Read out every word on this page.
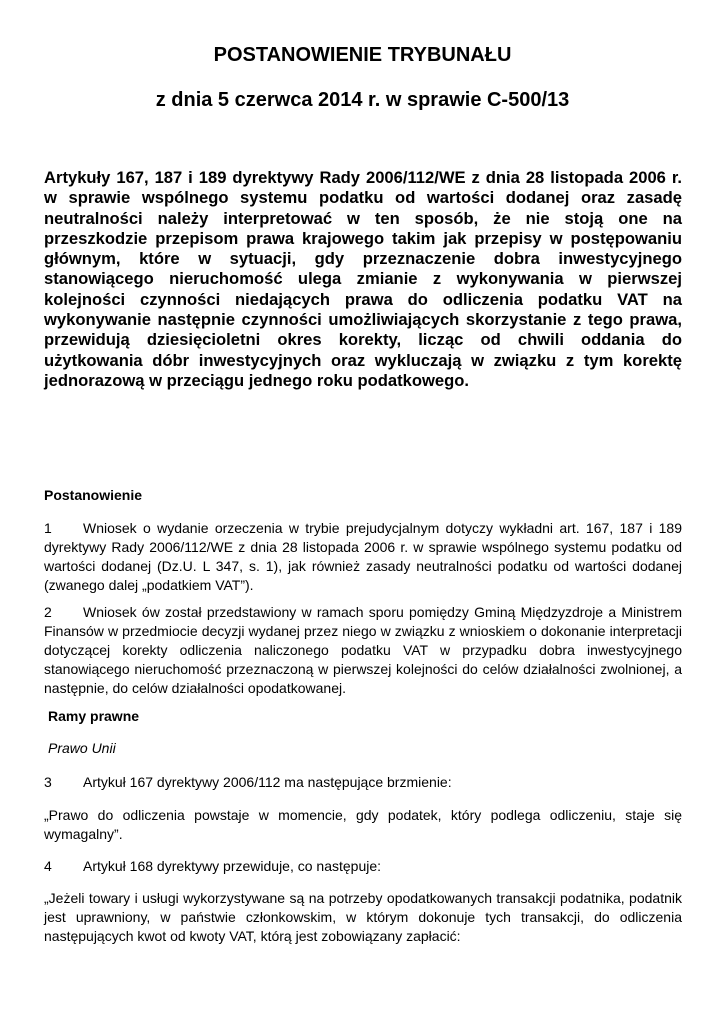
POSTANOWIENIE TRYBUNAŁU
z dnia 5 czerwca 2014 r. w sprawie C-500/13

Artykuły 167, 187 i 189 dyrektywy Rady 2006/112/WE z dnia 28 listopada 2006 r. w sprawie wspólnego systemu podatku od wartości dodanej oraz zasadę neutralności należy interpretować w ten sposób, że nie stoją one na przeszkodzie przepisom prawa krajowego takim jak przepisy w postępowaniu głównym, które w sytuacji, gdy przeznaczenie dobra inwestycyjnego stanowiącego nieruchomość ulega zmianie z wykonywania w pierwszej kolejności czynności niedających prawa do odliczenia podatku VAT na wykonywanie następnie czynności umożliwiających skorzystanie z tego prawa, przewidują dziesięcioletni okres korekty, licząc od chwili oddania do użytkowania dóbr inwestycyjnych oraz wykluczają w związku z tym korektę jednorazową w przeciągu jednego roku podatkowego.

Postanowienie

1 Wniosek o wydanie orzeczenia w trybie prejudycjalnym dotyczy wykładni art. 167, 187 i 189 dyrektywy Rady 2006/112/WE z dnia 28 listopada 2006 r. w sprawie wspólnego systemu podatku od wartości dodanej (Dz.U. L 347, s. 1), jak również zasady neutralności podatku od wartości dodanej (zwanego dalej „podatkiem VAT”).

2 Wniosek ów został przedstawiony w ramach sporu pomiędzy Gminą Międzyzdroje a Ministrem Finansów w przedmiocie decyzji wydanej przez niego w związku z wnioskiem o dokonanie interpretacji dotyczącej korekty odliczenia naliczonego podatku VAT w przypadku dobra inwestycyjnego stanowiącego nieruchomość przeznaczoną w pierwszej kolejności do celów działalności zwolnionej, a następnie, do celów działalności opodatkowanej.

Ramy prawne

Prawo Unii

3 Artykuł 167 dyrektywy 2006/112 ma następujące brzmienie:

„Prawo do odliczenia powstaje w momencie, gdy podatek, który podlega odliczeniu, staje się wymagalny”.

4 Artykuł 168 dyrektywy przewiduje, co następuje:

„Jeżeli towary i usługi wykorzystywane są na potrzeby opodatkowanych transakcji podatnika, podatnik jest uprawniony, w państwie członkowskim, w którym dokonuje tych transakcji, do odliczenia następujących kwot od kwoty VAT, którą jest zobowiązany zapłacić:
